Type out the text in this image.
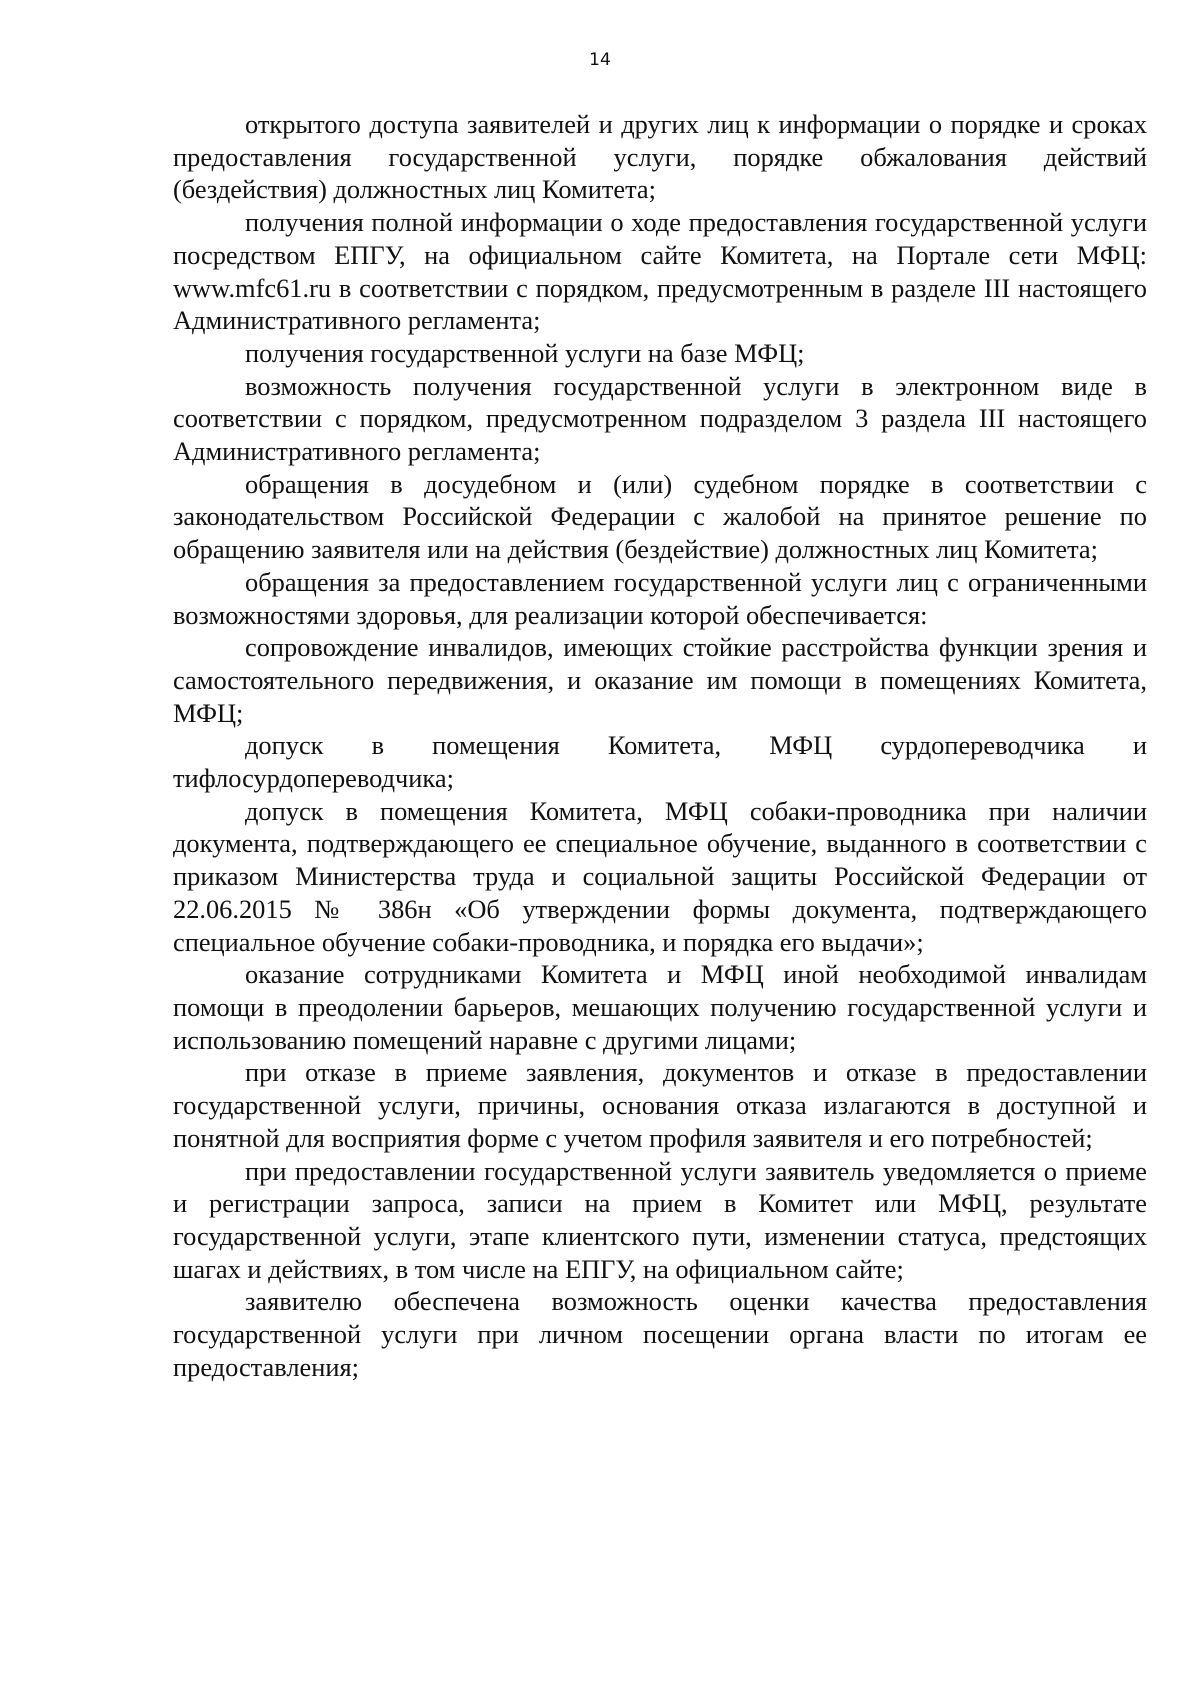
14

открытого доступа заявителей и других лиц к информации о порядке и сроках предоставления государственной услуги, порядке обжалования действий (бездействия) должностных лиц Комитета;

получения полной информации о ходе предоставления государственной услуги посредством ЕПГУ, на официальном сайте Комитета, на Портале сети МФЦ: www.mfc61.ru в соответствии с порядком, предусмотренным в разделе III настоящего Административного регламента;

получения государственной услуги на базе МФЦ;

возможность получения государственной услуги в электронном виде в соответствии с порядком, предусмотренном подразделом 3 раздела III настоящего Административного регламента;

обращения в досудебном и (или) судебном порядке в соответствии с законодательством Российской Федерации с жалобой на принятое решение по обращению заявителя или на действия (бездействие) должностных лиц Комитета;

обращения за предоставлением государственной услуги лиц с ограниченными возможностями здоровья, для реализации которой обеспечивается:

сопровождение инвалидов, имеющих стойкие расстройства функции зрения и самостоятельного передвижения, и оказание им помощи в помещениях Комитета, МФЦ;

допуск в помещения Комитета, МФЦ сурдопереводчика и тифлосурдопереводчика;

допуск в помещения Комитета, МФЦ собаки-проводника при наличии документа, подтверждающего ее специальное обучение, выданного в соответствии с приказом Министерства труда и социальной защиты Российской Федерации от 22.06.2015 № 386н «Об утверждении формы документа, подтверждающего специальное обучение собаки-проводника, и порядка его выдачи»;

оказание сотрудниками Комитета и МФЦ иной необходимой инвалидам помощи в преодолении барьеров, мешающих получению государственной услуги и использованию помещений наравне с другими лицами;

при отказе в приеме заявления, документов и отказе в предоставлении государственной услуги, причины, основания отказа излагаются в доступной и понятной для восприятия форме с учетом профиля заявителя и его потребностей;

при предоставлении государственной услуги заявитель уведомляется о приеме и регистрации запроса, записи на прием в Комитет или МФЦ, результате государственной услуги, этапе клиентского пути, изменении статуса, предстоящих шагах и действиях, в том числе на ЕПГУ, на официальном сайте;

заявителю обеспечена возможность оценки качества предоставления государственной услуги при личном посещении органа власти по итогам ее предоставления;
